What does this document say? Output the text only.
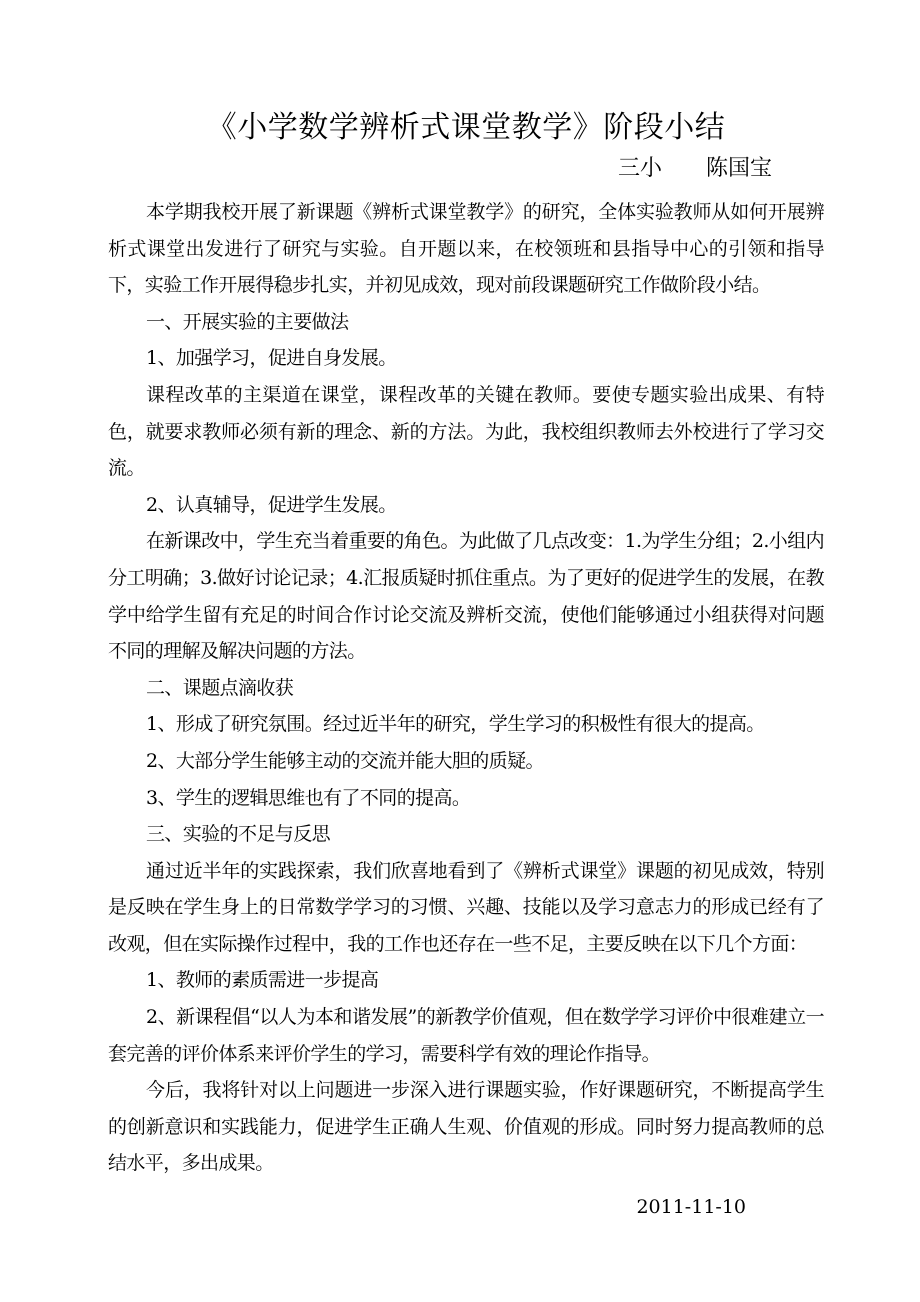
《小学数学辨析式课堂教学》阶段小结
三小　　陈国宝

本学期我校开展了新课题《辨析式课堂教学》的研究，全体实验教师从如何开展辨析式课堂出发进行了研究与实验。自开题以来，在校领班和县指导中心的引领和指导下，实验工作开展得稳步扎实，并初见成效，现对前段课题研究工作做阶段小结。

一、开展实验的主要做法

1、加强学习，促进自身发展。

课程改革的主渠道在课堂，课程改革的关键在教师。要使专题实验出成果、有特色，就要求教师必须有新的理念、新的方法。为此，我校组织教师去外校进行了学习交流。

2、认真辅导，促进学生发展。

在新课改中，学生充当着重要的角色。为此做了几点改变：1.为学生分组；2.小组内分工明确；3.做好讨论记录；4.汇报质疑时抓住重点。为了更好的促进学生的发展，在教学中给学生留有充足的时间合作讨论交流及辨析交流，使他们能够通过小组获得对问题不同的理解及解决问题的方法。

二、课题点滴收获

1、形成了研究氛围。经过近半年的研究，学生学习的积极性有很大的提高。

2、大部分学生能够主动的交流并能大胆的质疑。

3、学生的逻辑思维也有了不同的提高。

三、实验的不足与反思

通过近半年的实践探索，我们欣喜地看到了《辨析式课堂》课题的初见成效，特别是反映在学生身上的日常数学学习的习惯、兴趣、技能以及学习意志力的形成已经有了改观，但在实际操作过程中，我的工作也还存在一些不足，主要反映在以下几个方面：

1、教师的素质需进一步提高

2、新课程倡“以人为本和谐发展”的新教学价值观，但在数学学习评价中很难建立一套完善的评价体系来评价学生的学习，需要科学有效的理论作指导。

今后，我将针对以上问题进一步深入进行课题实验，作好课题研究，不断提高学生的创新意识和实践能力，促进学生正确人生观、价值观的形成。同时努力提高教师的总结水平，多出成果。

2011-11-10
